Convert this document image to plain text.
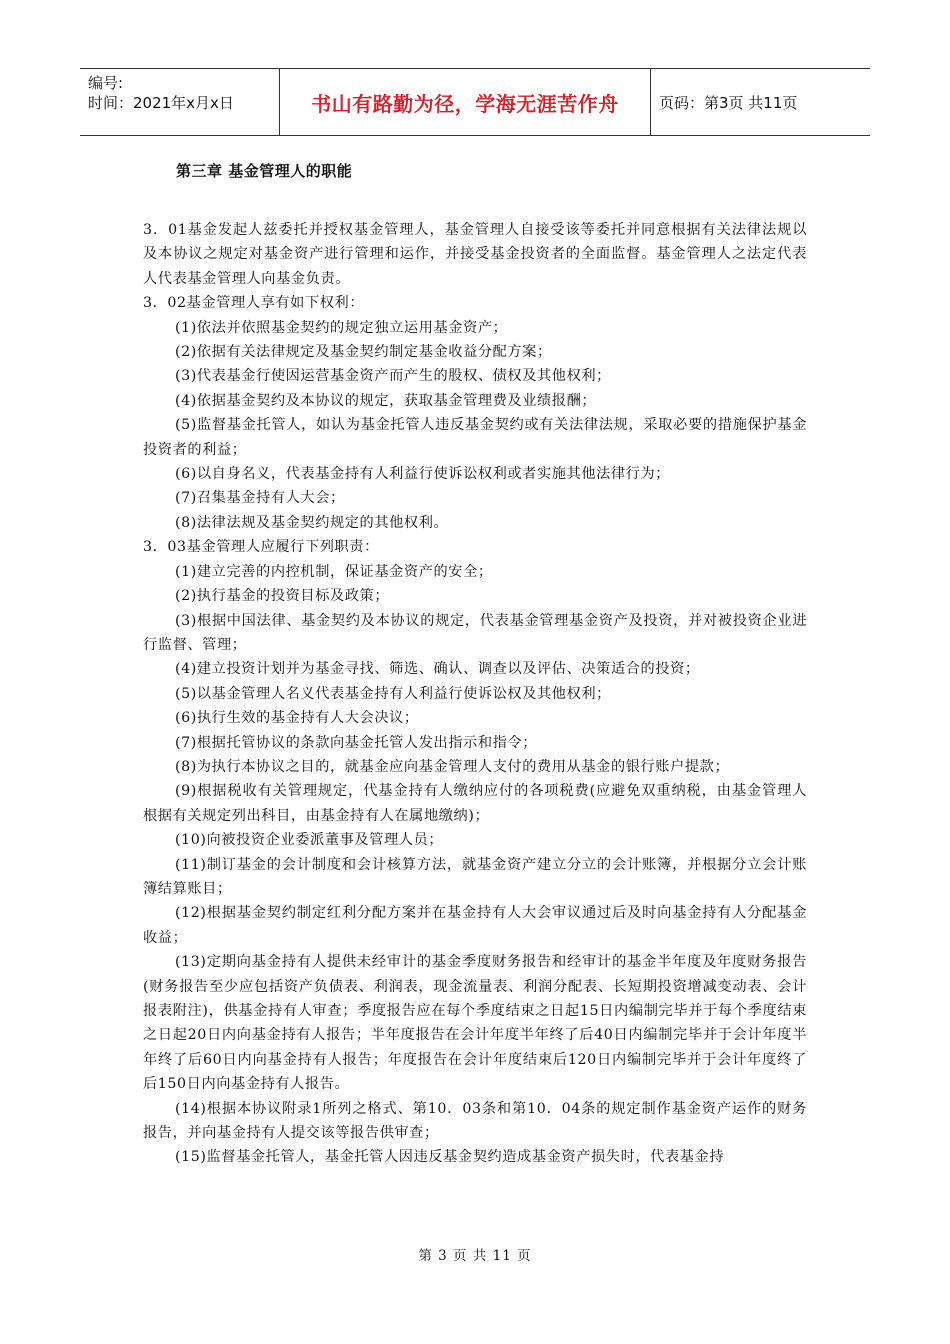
编号:
时间：2021年x月x日	书山有路勤为径，学海无涯苦作舟	页码：第3页 共11页
第三章 基金管理人的职能

3．01基金发起人兹委托并授权基金管理人，基金管理人自接受该等委托并同意根据有关法律法规以及本协议之规定对基金资产进行管理和运作，并接受基金投资者的全面监督。基金管理人之法定代表人代表基金管理人向基金负责。

3．02基金管理人享有如下权利：

(1)依法并依照基金契约的规定独立运用基金资产；

(2)依据有关法律规定及基金契约制定基金收益分配方案；

(3)代表基金行使因运营基金资产而产生的股权、债权及其他权利；

(4)依据基金契约及本协议的规定，获取基金管理费及业绩报酬；

(5)监督基金托管人，如认为基金托管人违反基金契约或有关法律法规，采取必要的措施保护基金投资者的利益；

(6)以自身名义，代表基金持有人利益行使诉讼权利或者实施其他法律行为；

(7)召集基金持有人大会；

(8)法律法规及基金契约规定的其他权利。

3．03基金管理人应履行下列职责：

(1)建立完善的内控机制，保证基金资产的安全；

(2)执行基金的投资目标及政策；

(3)根据中国法律、基金契约及本协议的规定，代表基金管理基金资产及投资，并对被投资企业进行监督、管理；

(4)建立投资计划并为基金寻找、筛选、确认、调查以及评估、决策适合的投资；

(5)以基金管理人名义代表基金持有人利益行使诉讼权及其他权利；

(6)执行生效的基金持有人大会决议；

(7)根据托管协议的条款向基金托管人发出指示和指令；

(8)为执行本协议之目的，就基金应向基金管理人支付的费用从基金的银行账户提款；

(9)根据税收有关管理规定，代基金持有人缴纳应付的各项税费(应避免双重纳税，由基金管理人根据有关规定列出科目，由基金持有人在属地缴纳)；

(10)向被投资企业委派董事及管理人员；

(11)制订基金的会计制度和会计核算方法，就基金资产建立分立的会计账簿，并根据分立会计账簿结算账目；

(12)根据基金契约制定红利分配方案并在基金持有人大会审议通过后及时向基金持有人分配基金收益；

(13)定期向基金持有人提供未经审计的基金季度财务报告和经审计的基金半年度及年度财务报告(财务报告至少应包括资产负债表、利润表，现金流量表、利润分配表、长短期投资增减变动表、会计报表附注)，供基金持有人审查；季度报告应在每个季度结束之日起15日内编制完毕并于每个季度结束之日起20日内向基金持有人报告；半年度报告在会计年度半年终了后40日内编制完毕并于会计年度半年终了后60日内向基金持有人报告；年度报告在会计年度结束后120日内编制完毕并于会计年度终了后150日内向基金持有人报告。

(14)根据本协议附录1所列之格式、第10．03条和第10．04条的规定制作基金资产运作的财务报告，并向基金持有人提交该等报告供审查；

(15)监督基金托管人，基金托管人因违反基金契约造成基金资产损失时，代表基金持

第 3 页 共 11 页
